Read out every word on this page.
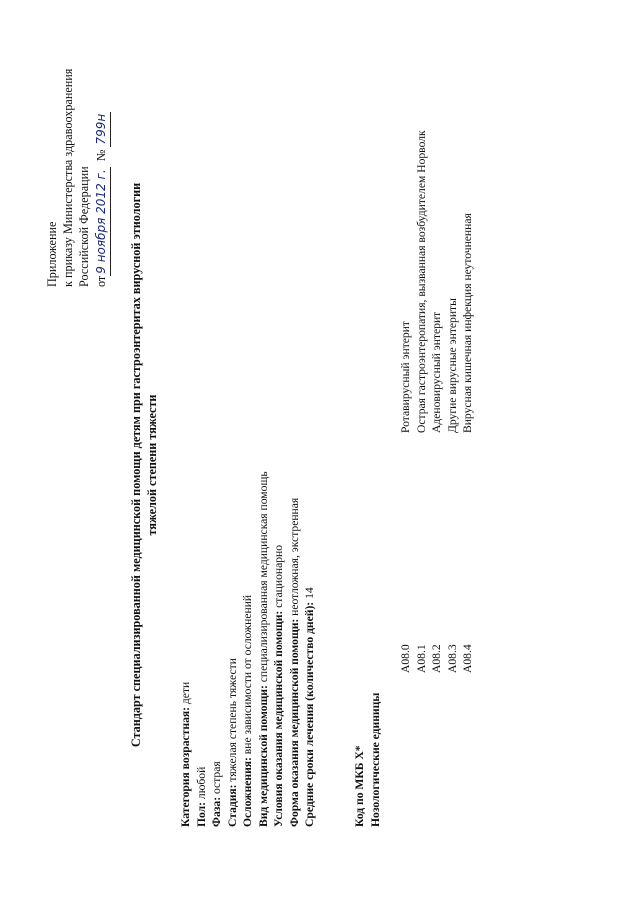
Приложение к приказу Министерства здравоохранения Российской Федерации от9 ноября 2012 г.  № 799н
Стандарт специализированной медицинской помощи детям при гастроэнтеритах вирусной этиологии тяжелой степени тяжести
Категория возрастная: дети
Пол: любой
Фаза: острая
Стадия: тяжелая степень тяжести
Осложнения: вне зависимости от осложнений Вид медицинской помощи: специализированная медицинская помощь
Условия оказания медицинской помощи: стационарно
Форма оказания медицинской помощи: неотложная, экстренная
Средние сроки лечения (количество дней): 14
Код по МКБ X* Нозологические единицы
A08.0
Ротавирусный энтерит
A08.1
Острая гастроэнтеропатия, вызванная возбудителем Норволк
A08.2
Аденовирусный энтерит
A08.3
Другие вирусные энтериты
A08.4
Вирусная кишечная инфекция неуточненная
